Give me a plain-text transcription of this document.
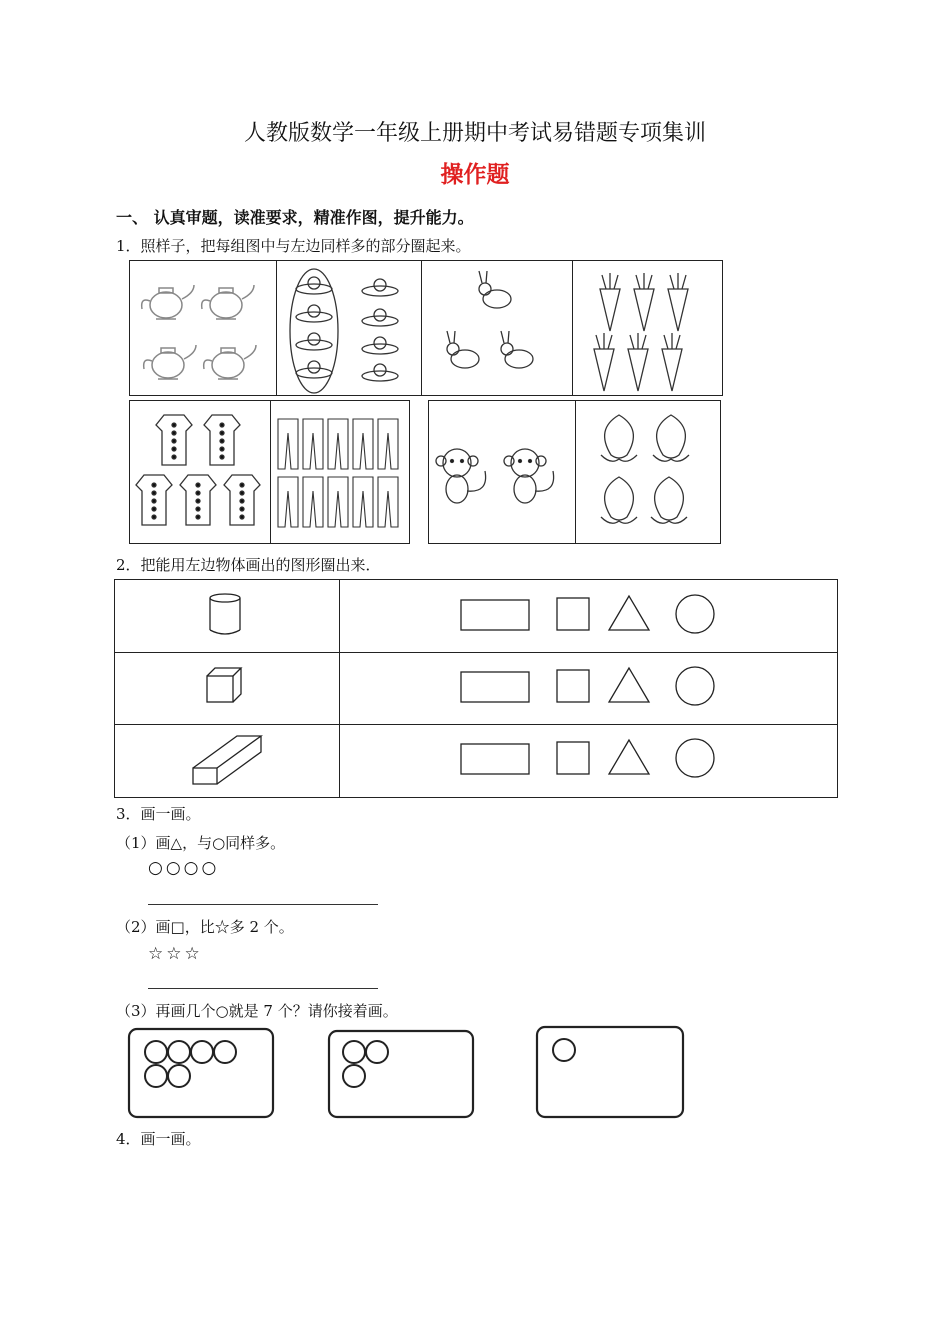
人教版数学一年级上册期中考试易错题专项集训
操作题
一、 认真审题，读准要求，精准作图，提升能力。
1．照样子，把每组图中与左边同样多的部分圈起来。
2．把能用左边物体画出的图形圈出来．
3．画一画。
（1）画△，与○同样多。
○○○○
（2）画□，比☆多 2 个。
☆☆☆
（3）再画几个○就是 7 个？请你接着画。
4．画一画。
